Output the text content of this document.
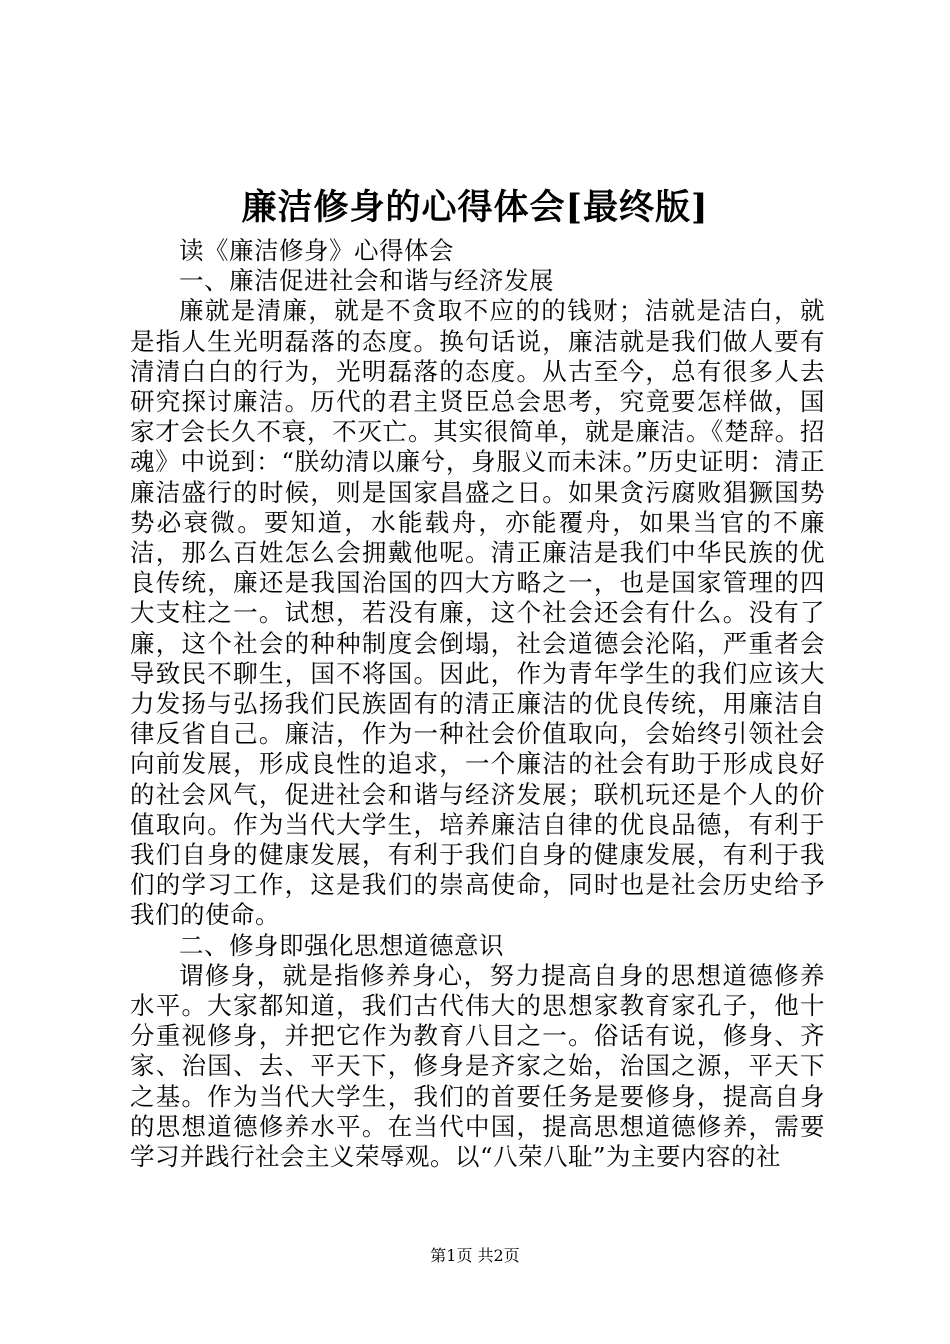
廉洁修身的心得体会[最终版]

读《廉洁修身》心得体会

一、廉洁促进社会和谐与经济发展

廉就是清廉，就是不贪取不应的的钱财；洁就是洁白，就是指人生光明磊落的态度。换句话说，廉洁就是我们做人要有清清白白的行为，光明磊落的态度。从古至今，总有很多人去研究探讨廉洁。历代的君主贤臣总会思考，究竟要怎样做，国家才会长久不衰，不灭亡。其实很简单，就是廉洁。《楚辞。招魂》中说到：“朕幼清以廉兮，身服义而未沫。”历史证明：清正廉洁盛行的时候，则是国家昌盛之日。如果贪污腐败猖獗国势势必衰微。要知道，水能载舟，亦能覆舟，如果当官的不廉洁，那么百姓怎么会拥戴他呢。清正廉洁是我们中华民族的优良传统，廉还是我国治国的四大方略之一，也是国家管理的四大支柱之一。试想，若没有廉，这个社会还会有什么。没有了廉，这个社会的种种制度会倒塌，社会道德会沦陷，严重者会导致民不聊生，国不将国。因此，作为青年学生的我们应该大力发扬与弘扬我们民族固有的清正廉洁的优良传统，用廉洁自律反省自己。廉洁，作为一种社会价值取向，会始终引领社会向前发展，形成良性的追求，一个廉洁的社会有助于形成良好的社会风气，促进社会和谐与经济发展；联机玩还是个人的价值取向。作为当代大学生，培养廉洁自律的优良品德，有利于我们自身的健康发展，有利于我们自身的健康发展，有利于我们的学习工作，这是我们的崇高使命，同时也是社会历史给予我们的使命。

二、修身即强化思想道德意识

谓修身，就是指修养身心，努力提高自身的思想道德修养水平。大家都知道，我们古代伟大的思想家教育家孔子，他十分重视修身，并把它作为教育八目之一。俗话有说，修身、齐家、治国、去、平天下，修身是齐家之始，治国之源，平天下之基。作为当代大学生，我们的首要任务是要修身，提高自身的思想道德修养水平。在当代中国，提高思想道德修养，需要学习并践行社会主义荣辱观。以“八荣八耻”为主要内容的社

第1页 共2页
